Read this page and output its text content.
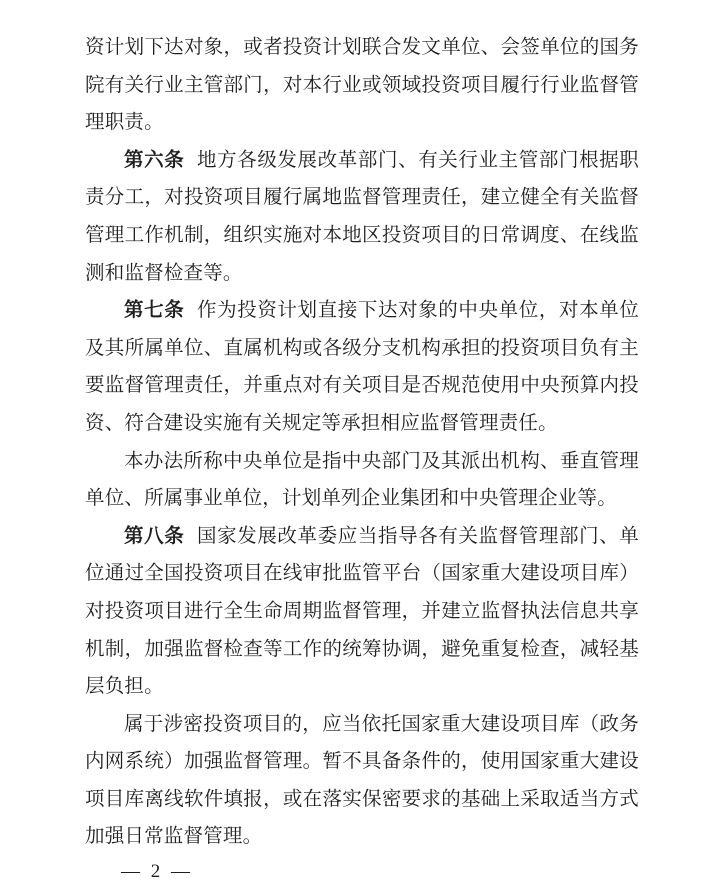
资计划下达对象，或者投资计划联合发文单位、会签单位的国务院有关行业主管部门，对本行业或领域投资项目履行行业监督管理职责。

第六条 地方各级发展改革部门、有关行业主管部门根据职责分工，对投资项目履行属地监督管理责任，建立健全有关监督管理工作机制，组织实施对本地区投资项目的日常调度、在线监测和监督检查等。

第七条 作为投资计划直接下达对象的中央单位，对本单位及其所属单位、直属机构或各级分支机构承担的投资项目负有主要监督管理责任，并重点对有关项目是否规范使用中央预算内投资、符合建设实施有关规定等承担相应监督管理责任。

本办法所称中央单位是指中央部门及其派出机构、垂直管理单位、所属事业单位，计划单列企业集团和中央管理企业等。

第八条 国家发展改革委应当指导各有关监督管理部门、单位通过全国投资项目在线审批监管平台（国家重大建设项目库）对投资项目进行全生命周期监督管理，并建立监督执法信息共享机制，加强监督检查等工作的统筹协调，避免重复检查，减轻基层负担。

属于涉密投资项目的，应当依托国家重大建设项目库（政务内网系统）加强监督管理。暂不具备条件的，使用国家重大建设项目库离线软件填报，或在落实保密要求的基础上采取适当方式加强日常监督管理。

— 2 —
